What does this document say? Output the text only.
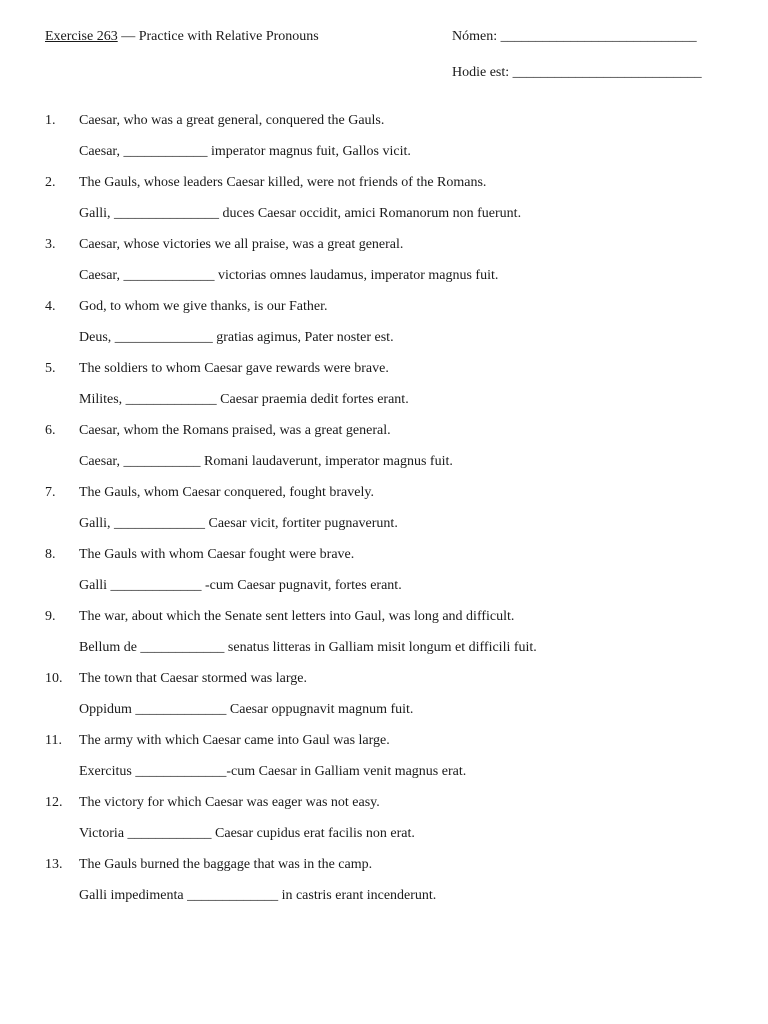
Exercise 263 — Practice with Relative Pronouns	Nómen: ____________________________
Hodie est: ___________________________
1. Caesar, who was a great general, conquered the Gauls.
Caesar, ____________ imperator magnus fuit, Gallos vicit.
2. The Gauls, whose leaders Caesar killed, were not friends of the Romans.
Galli, _______________ duces Caesar occidit, amici Romanorum non fuerunt.
3. Caesar, whose victories we all praise, was a great general.
Caesar, _____________ victorias omnes laudamus, imperator magnus fuit.
4. God, to whom we give thanks, is our Father.
Deus, ______________ gratias agimus, Pater noster est.
5. The soldiers to whom Caesar gave rewards were brave.
Milites, _____________ Caesar praemia dedit fortes erant.
6. Caesar, whom the Romans praised, was a great general.
Caesar, ___________ Romani laudaverunt, imperator magnus fuit.
7. The Gauls, whom Caesar conquered, fought bravely.
Galli, _____________ Caesar vicit, fortiter pugnaverunt.
8. The Gauls with whom Caesar fought were brave.
Galli _____________ -cum Caesar pugnavit, fortes erant.
9. The war, about which the Senate sent letters into Gaul, was long and difficult.
Bellum de ____________ senatus litteras in Galliam misit longum et difficili fuit.
10. The town that Caesar stormed was large.
Oppidum _____________ Caesar oppugnavit magnum fuit.
11. The army with which Caesar came into Gaul was large.
Exercitus _____________-cum Caesar in Galliam venit magnus erat.
12. The victory for which Caesar was eager was not easy.
Victoria ____________ Caesar cupidus erat facilis non erat.
13. The Gauls burned the baggage that was in the camp.
Galli impedimenta _____________ in castris erant incenderunt.
